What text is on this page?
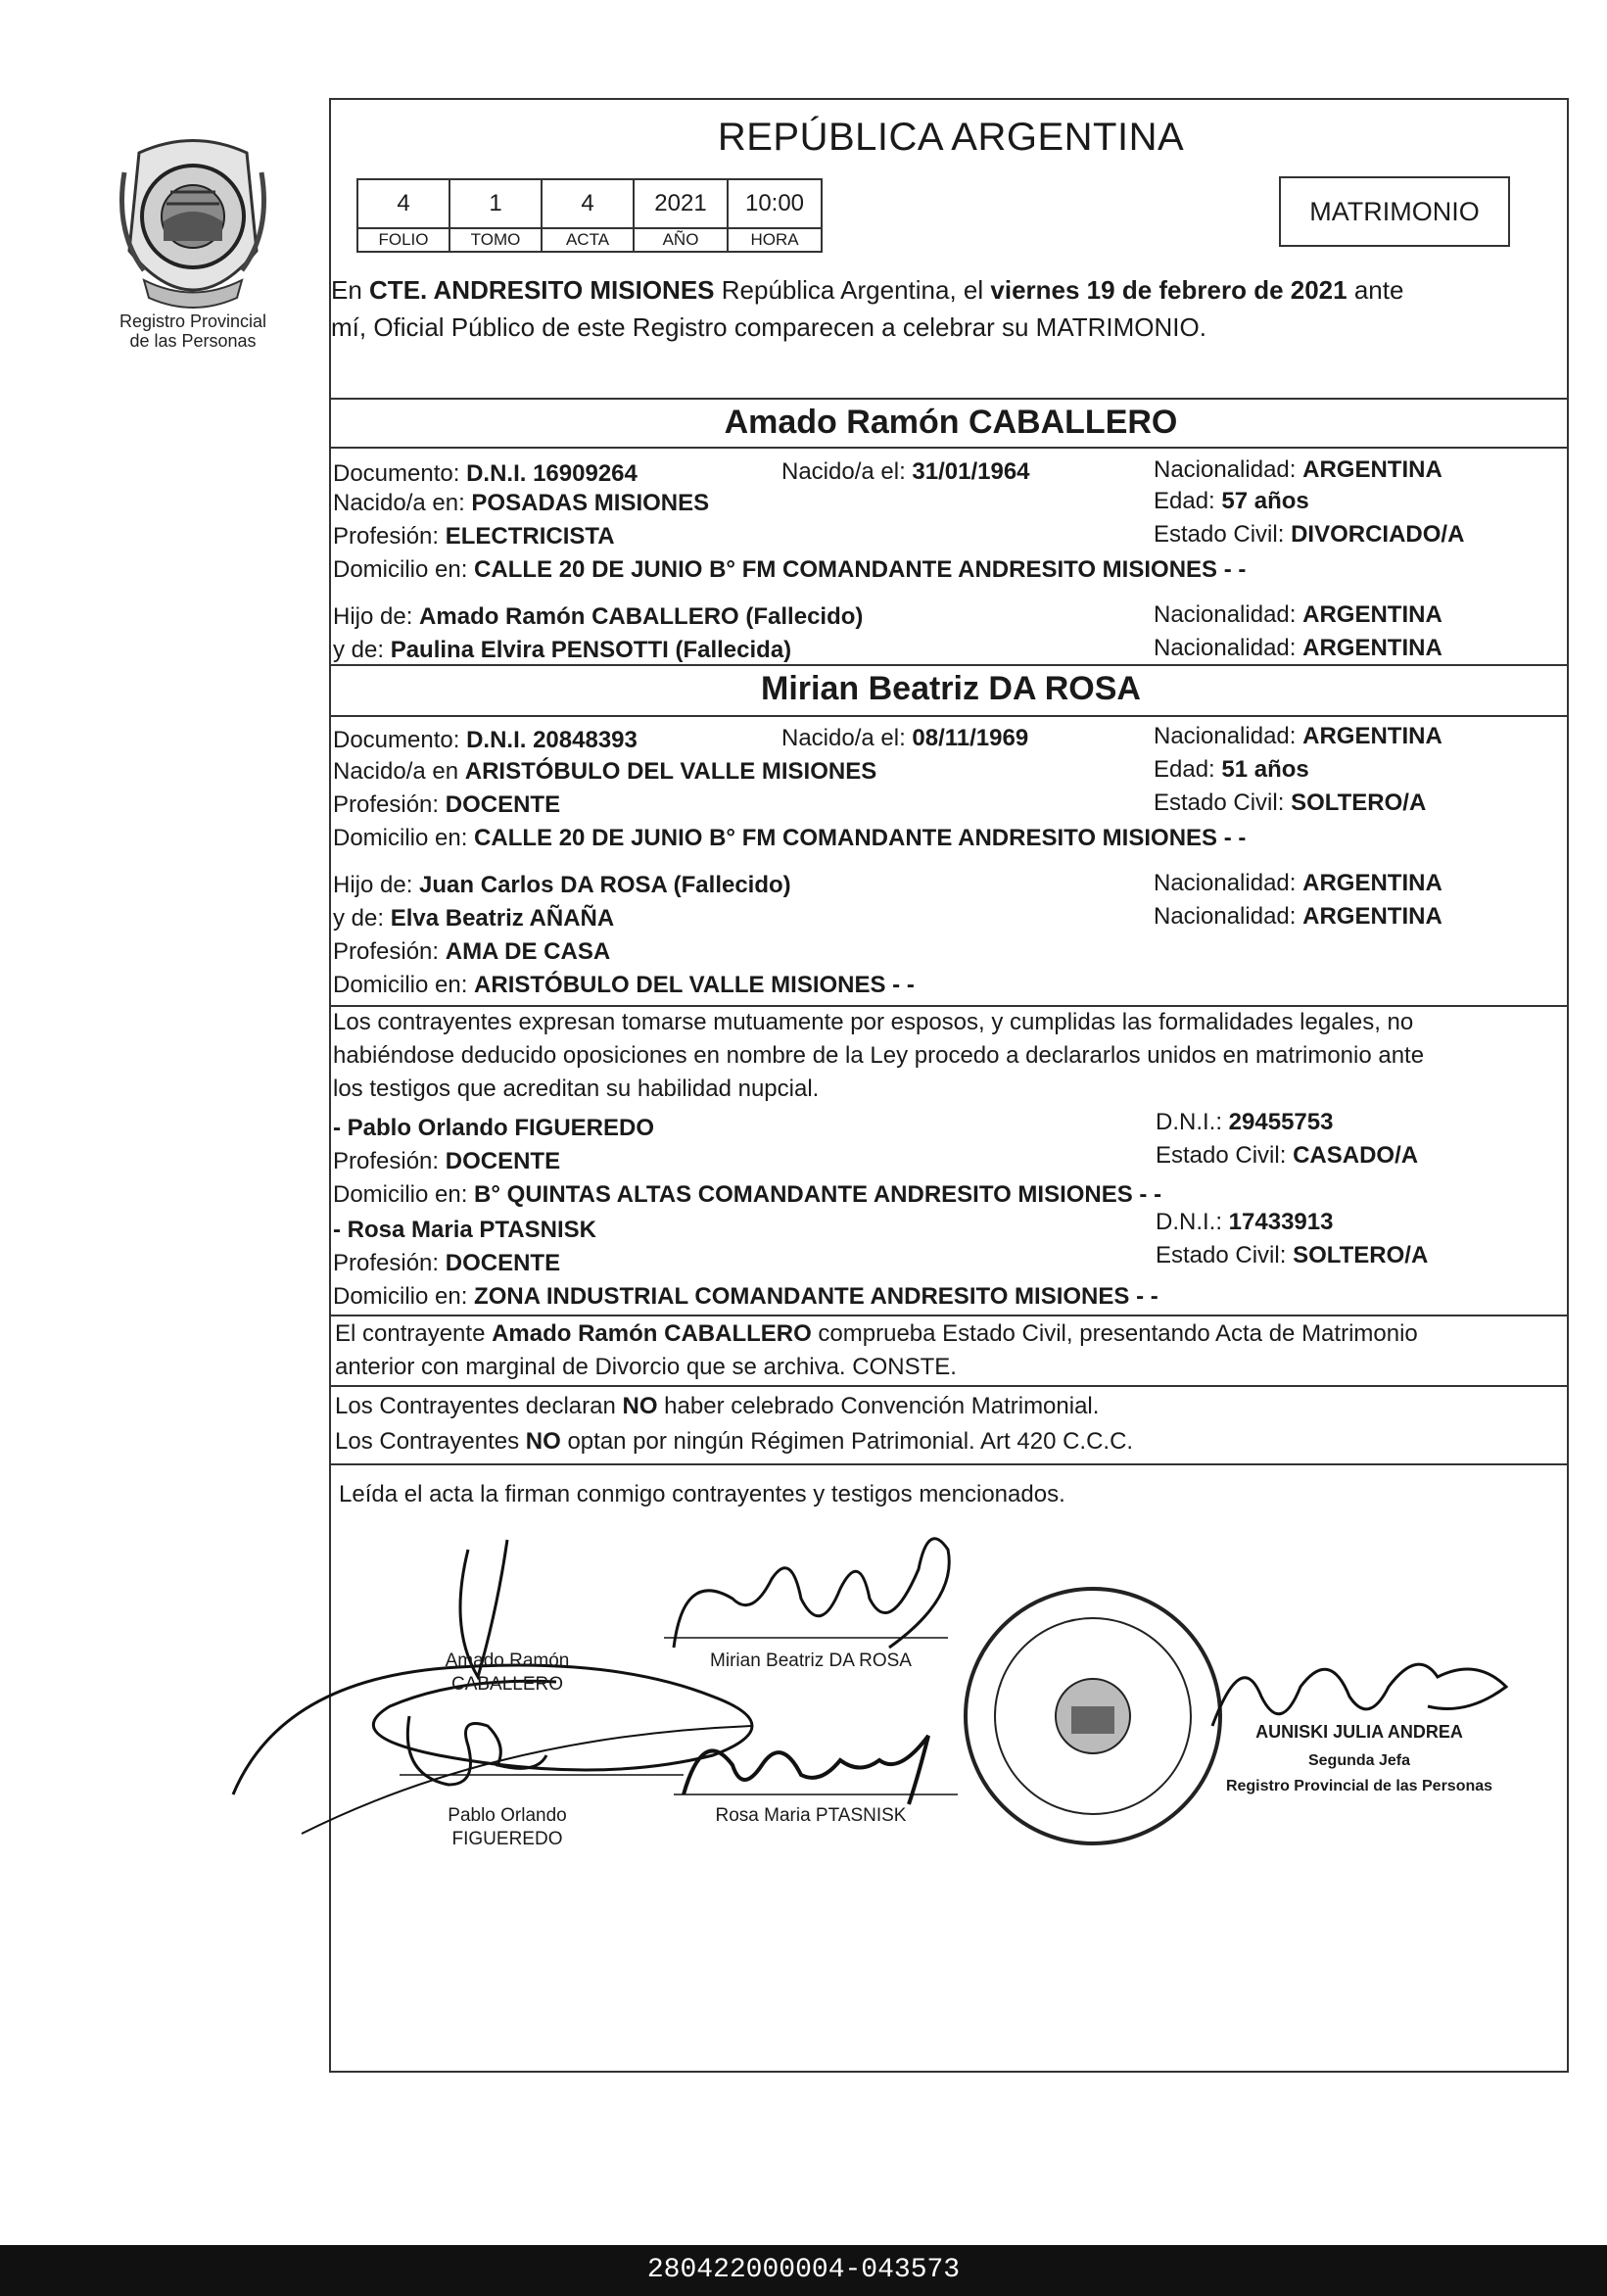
Registro Provincial
de las Personas
REPÚBLICA ARGENTINA
4	1	4	2021	10:00
FOLIO	TOMO	ACTA	AÑO	HORA
MATRIMONIO
En CTE. ANDRESITO MISIONES República Argentina, el viernes 19 de febrero de 2021 ante
mí, Oficial Público de este Registro comparecen a celebrar su MATRIMONIO.
Amado Ramón CABALLERO
Documento: D.N.I. 16909264	Nacido/a el: 31/01/1964	Nacionalidad: ARGENTINA
Nacido/a en: POSADAS MISIONES	Edad: 57 años
Profesión: ELECTRICISTA	Estado Civil: DIVORCIADO/A
Domicilio en: CALLE 20 DE JUNIO B° FM COMANDANTE ANDRESITO MISIONES - -
Hijo de: Amado Ramón CABALLERO (Fallecido)	Nacionalidad: ARGENTINA
y de: Paulina Elvira PENSOTTI (Fallecida)	Nacionalidad: ARGENTINA
Mirian Beatriz DA ROSA
Documento: D.N.I. 20848393	Nacido/a el: 08/11/1969	Nacionalidad: ARGENTINA
Nacido/a en ARISTÓBULO DEL VALLE MISIONES	Edad: 51 años
Profesión: DOCENTE	Estado Civil: SOLTERO/A
Domicilio en: CALLE 20 DE JUNIO B° FM COMANDANTE ANDRESITO MISIONES - -
Hijo de: Juan Carlos DA ROSA (Fallecido)	Nacionalidad: ARGENTINA
y de: Elva Beatriz AÑAÑA	Nacionalidad: ARGENTINA
Profesión: AMA DE CASA
Domicilio en: ARISTÓBULO DEL VALLE MISIONES - -
Los contrayentes expresan tomarse mutuamente por esposos, y cumplidas las formalidades legales, no
habiéndose deducido oposiciones en nombre de la Ley procedo a declararlos unidos en matrimonio ante
los testigos que acreditan su habilidad nupcial.
- Pablo Orlando FIGUEREDO	D.N.I.: 29455753
Profesión: DOCENTE	Estado Civil: CASADO/A
Domicilio en: B° QUINTAS ALTAS COMANDANTE ANDRESITO MISIONES - -
- Rosa Maria PTASNISK	D.N.I.: 17433913
Profesión: DOCENTE	Estado Civil: SOLTERO/A
Domicilio en: ZONA INDUSTRIAL COMANDANTE ANDRESITO MISIONES - -
El contrayente Amado Ramón CABALLERO comprueba Estado Civil, presentando Acta de Matrimonio
anterior con marginal de Divorcio que se archiva. CONSTE.
Los Contrayentes declaran NO haber celebrado Convención Matrimonial.
Los Contrayentes NO optan por ningún Régimen Patrimonial. Art 420 C.C.C.
Leída el acta la firman conmigo contrayentes y testigos mencionados.
Amado Ramón
CABALLERO
Mirian Beatriz DA ROSA
Pablo Orlando
FIGUEREDO
Rosa Maria PTASNISK
AUNISKI JULIA ANDREA
Segunda Jefa
Registro Provincial de las Personas
280422000004-043573
